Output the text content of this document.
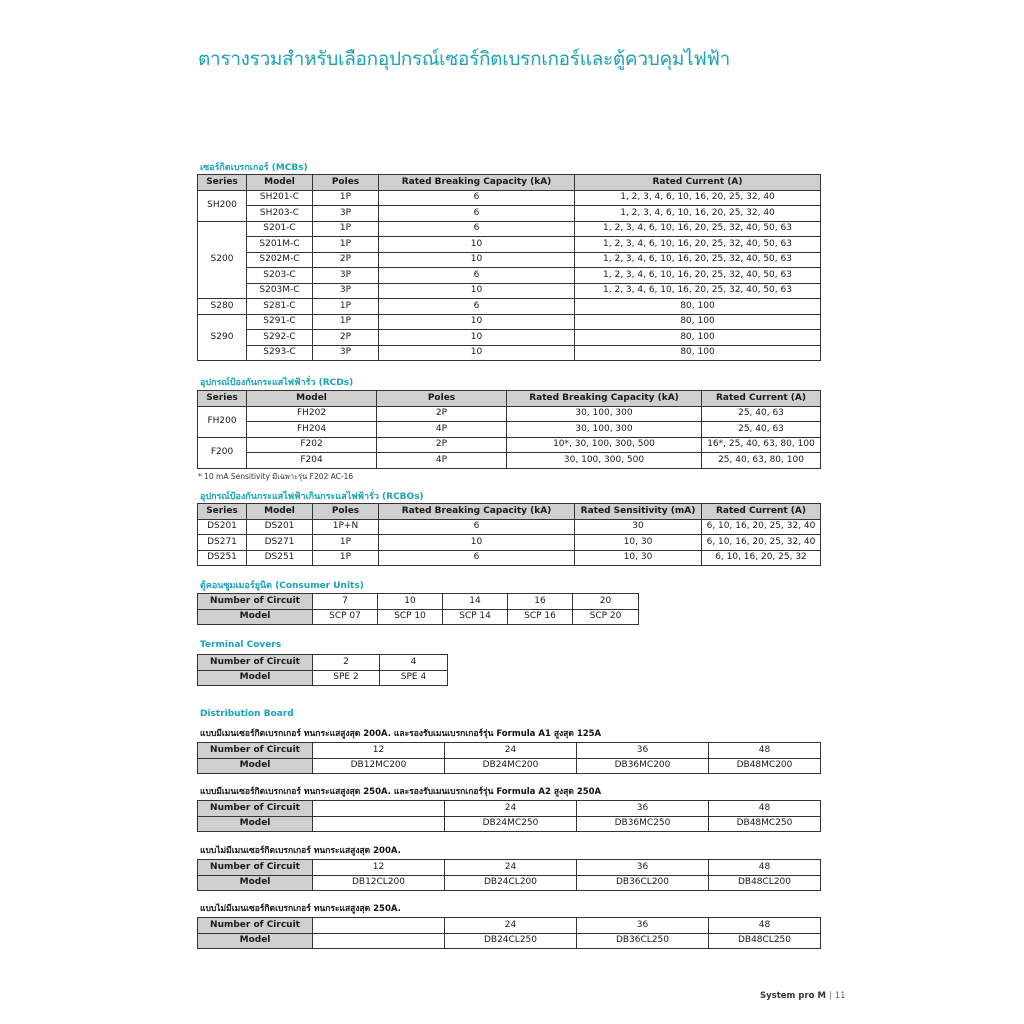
ตารางรวมสำหรับเลือกอุปกรณ์เซอร์กิตเบรกเกอร์และตู้ควบคุมไฟฟ้า
เซอร์กิตเบรกเกอร์ (MCBs)
Series	Model	Poles	Rated Breaking Capacity (kA)	Rated Current (A)
SH200	SH201-C	1P	6	1, 2, 3, 4, 6, 10, 16, 20, 25, 32, 40
	SH203-C	3P	6	1, 2, 3, 4, 6, 10, 16, 20, 25, 32, 40
S200	S201-C	1P	6	1, 2, 3, 4, 6, 10, 16, 20, 25, 32, 40, 50, 63
	S201M-C	1P	10	1, 2, 3, 4, 6, 10, 16, 20, 25, 32, 40, 50, 63
	S202M-C	2P	10	1, 2, 3, 4, 6, 10, 16, 20, 25, 32, 40, 50, 63
	S203-C	3P	6	1, 2, 3, 4, 6, 10, 16, 20, 25, 32, 40, 50, 63
	S203M-C	3P	10	1, 2, 3, 4, 6, 10, 16, 20, 25, 32, 40, 50, 63
S280	S281-C	1P	6	80, 100
S290	S291-C	1P	10	80, 100
	S292-C	2P	10	80, 100
	S293-C	3P	10	80, 100
อุปกรณ์ป้องกันกระแสไฟฟ้ารั่ว (RCDs)
Series	Model	Poles	Rated Breaking Capacity (kA)	Rated Current (A)
FH200	FH202	2P	30, 100, 300	25, 40, 63
	FH204	4P	30, 100, 300	25, 40, 63
F200	F202	2P	10*, 30, 100, 300, 500	16*, 25, 40, 63, 80, 100
	F204	4P	30, 100, 300, 500	25, 40, 63, 80, 100
* 10 mA Sensitivity มีเฉพาะรุ่น F202 AC-16
อุปกรณ์ป้องกันกระแสไฟฟ้าเกินกระแสไฟฟ้ารั่ว (RCBOs)
Series	Model	Poles	Rated Breaking Capacity (kA)	Rated Sensitivity (mA)	Rated Current (A)
DS201	DS201	1P+N	6	30	6, 10, 16, 20, 25, 32, 40
DS271	DS271	1P	10	10, 30	6, 10, 16, 20, 25, 32, 40
DS251	DS251	1P	6	10, 30	6, 10, 16, 20, 25, 32
ตู้คอนซูมเมอร์ยูนิต (Consumer Units)
Number of Circuit	7	10	14	16	20
Model	SCP 07	SCP 10	SCP 14	SCP 16	SCP 20
Terminal Covers
Number of Circuit	2	4
Model	SPE 2	SPE 4
Distribution Board
แบบมีเมนเซอร์กิตเบรกเกอร์ ทนกระแสสูงสุด 200A. และรองรับเมนเบรกเกอร์รุ่น Formula A1 สูงสุด 125A
Number of Circuit	12	24	36	48
Model	DB12MC200	DB24MC200	DB36MC200	DB48MC200
แบบมีเมนเซอร์กิตเบรกเกอร์ ทนกระแสสูงสุด 250A. และรองรับเมนเบรกเกอร์รุ่น Formula A2 สูงสุด 250A
Number of Circuit		24	36	48
Model		DB24MC250	DB36MC250	DB48MC250
แบบไม่มีเมนเซอร์กิตเบรกเกอร์ ทนกระแสสูงสุด 200A.
Number of Circuit	12	24	36	48
Model	DB12CL200	DB24CL200	DB36CL200	DB48CL200
แบบไม่มีเมนเซอร์กิตเบรกเกอร์ ทนกระแสสูงสุด 250A.
Number of Circuit		24	36	48
Model		DB24CL250	DB36CL250	DB48CL250
System pro M | 11
